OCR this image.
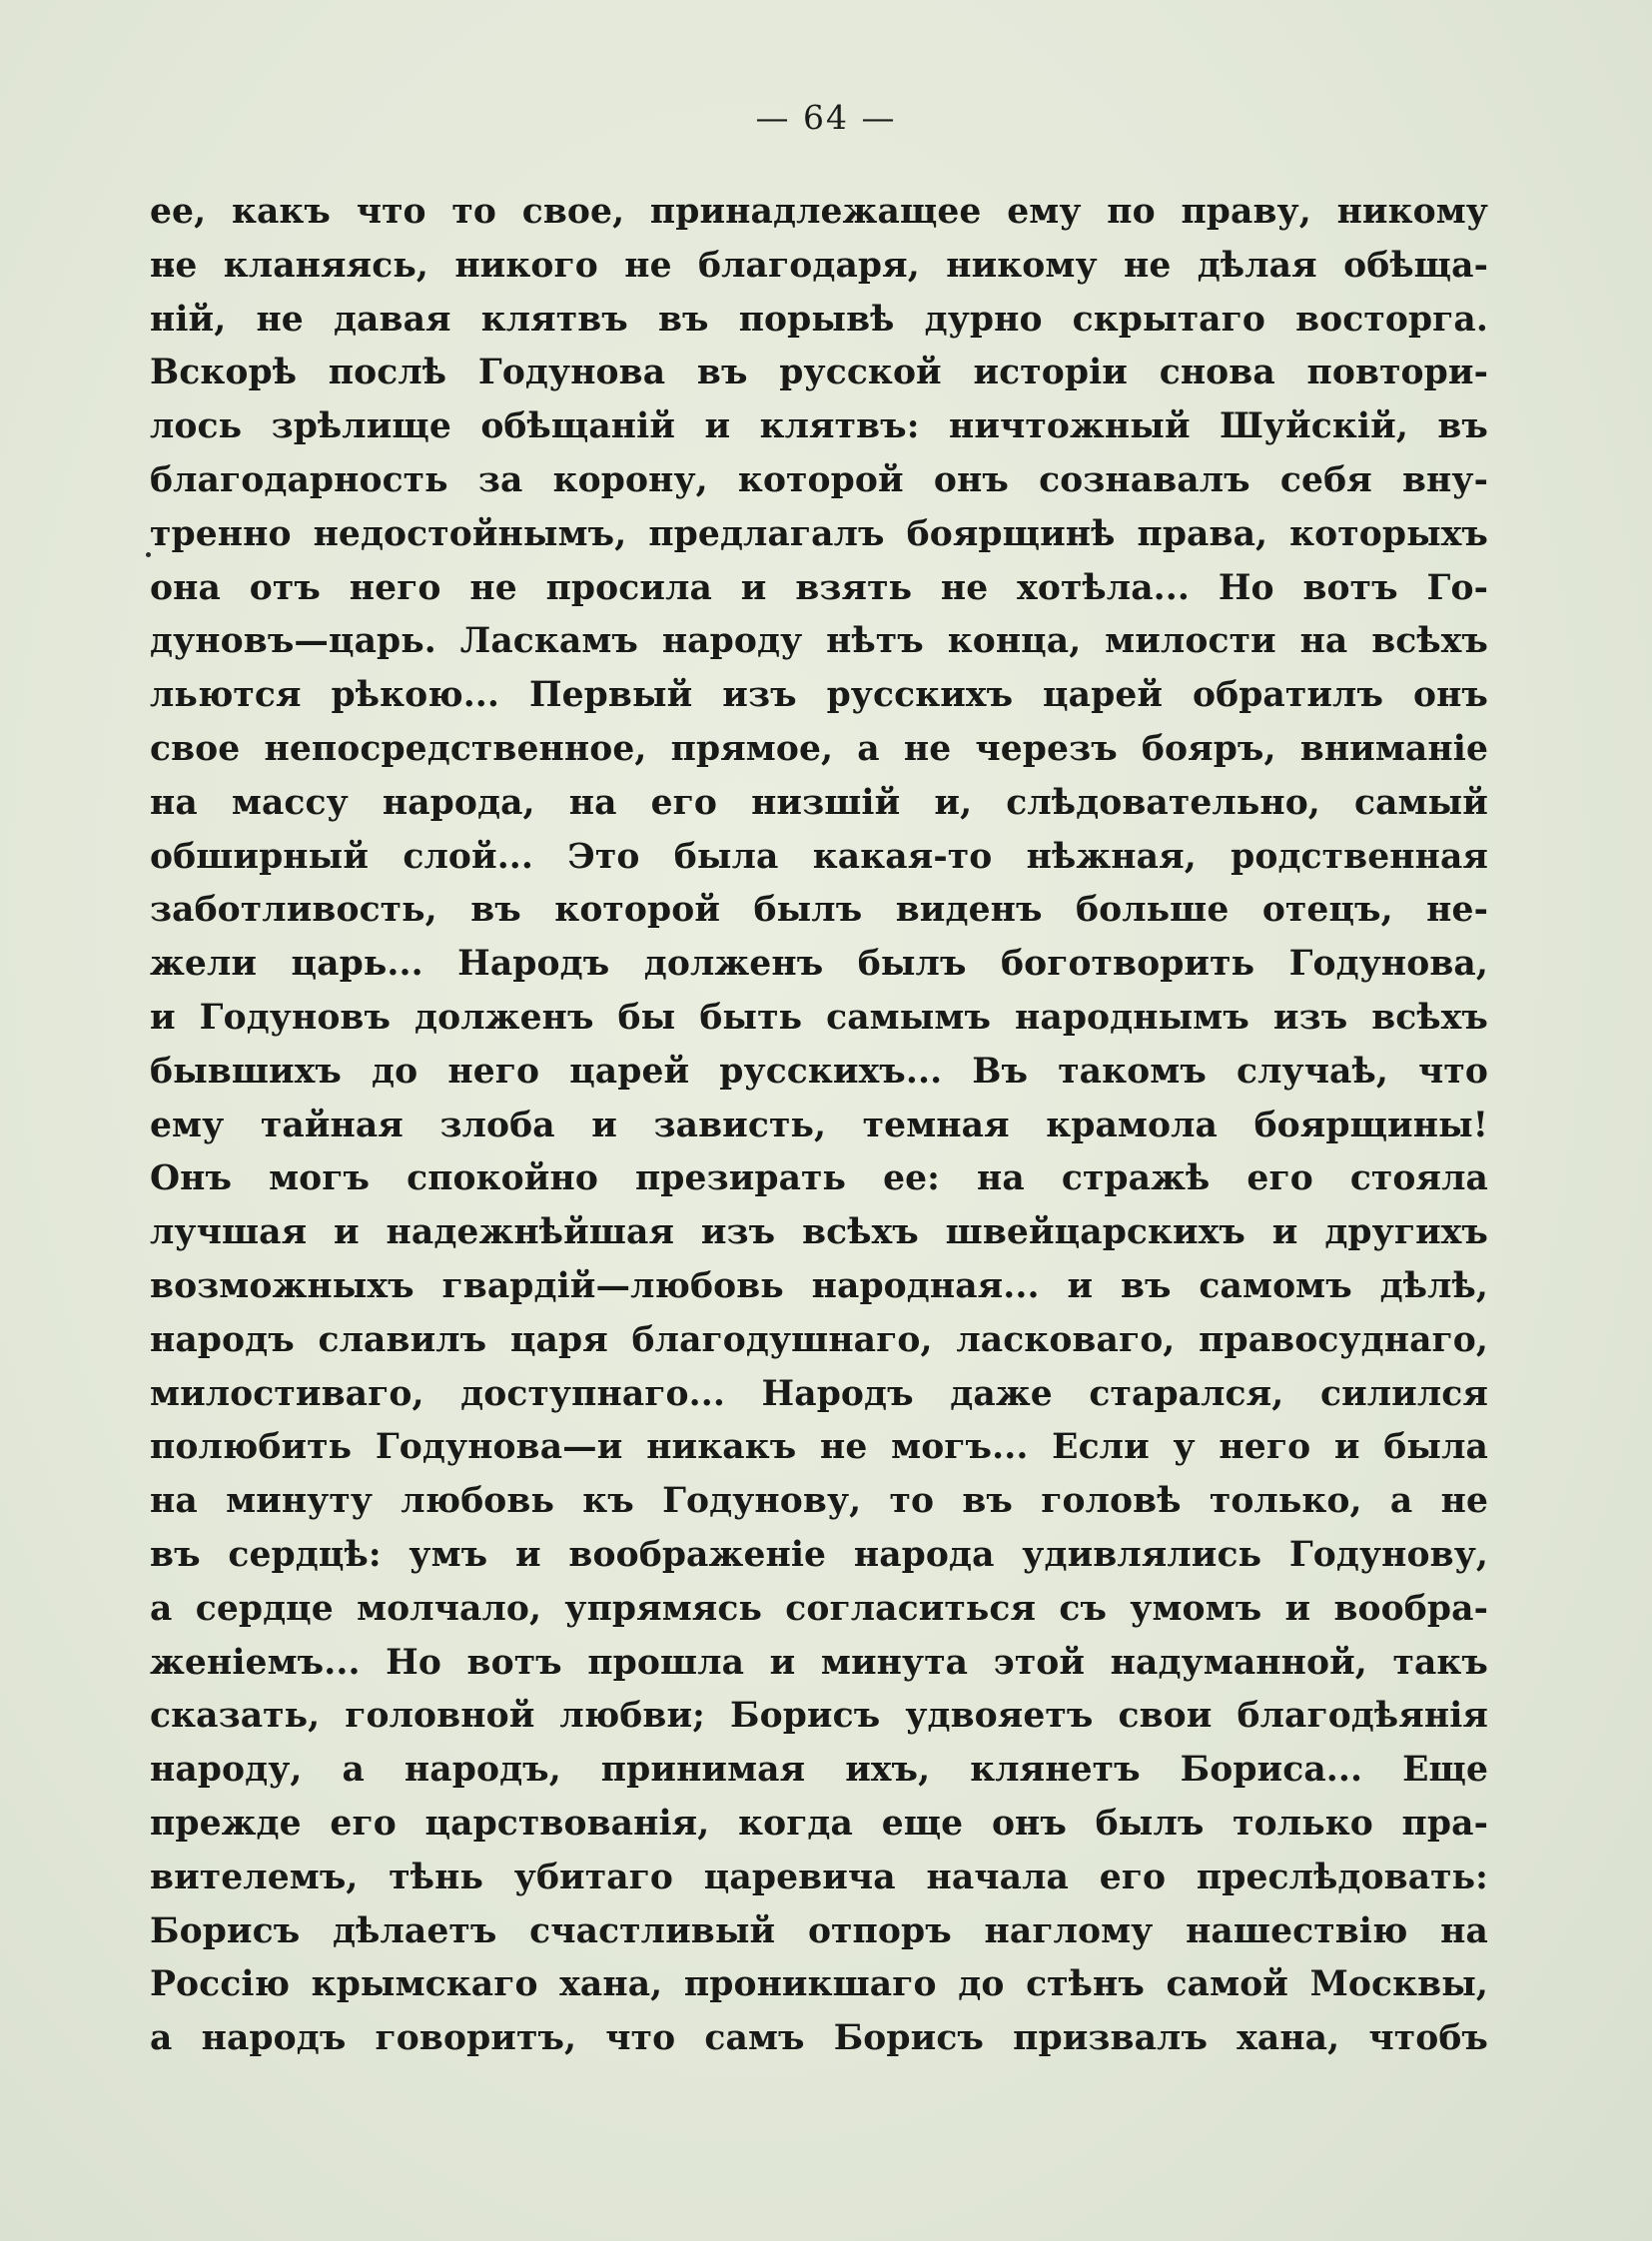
— 64 —
ее, какъ что то свое, принадлежащее ему по праву, никому
не кланяясь, никого не благодаря, никому не дѣлая обѣща-
ній, не давая клятвъ въ порывѣ дурно скрытаго восторга.
Вскорѣ послѣ Годунова въ русской исторіи снова повтори-
лось зрѣлище обѣщаній и клятвъ: ничтожный Шуйскій, въ
благодарность за корону, которой онъ сознавалъ себя вну-
тренно недостойнымъ, предлагалъ боярщинѣ права, которыхъ
она отъ него не просила и взять не хотѣла... Но вотъ Го-
дуновъ—царь. Ласкамъ народу нѣтъ конца, милости на всѣхъ
льются рѣкою... Первый изъ русскихъ царей обратилъ онъ
свое непосредственное, прямое, а не черезъ бояръ, вниманіе
на массу народа, на его низшій и, слѣдовательно, самый
обширный слой... Это была какая-то нѣжная, родственная
заботливость, въ которой былъ виденъ больше отецъ, не-
жели царь... Народъ долженъ былъ боготворить Годунова,
и Годуновъ долженъ бы быть самымъ народнымъ изъ всѣхъ
бывшихъ до него царей русскихъ... Въ такомъ случаѣ, что
ему тайная злоба и зависть, темная крамола боярщины!
Онъ могъ спокойно презирать ее: на стражѣ его стояла
лучшая и надежнѣйшая изъ всѣхъ швейцарскихъ и другихъ
возможныхъ гвардій—любовь народная... и въ самомъ дѣлѣ,
народъ славилъ царя благодушнаго, ласковаго, правосуднаго,
милостиваго, доступнаго... Народъ даже старался, силился
полюбить Годунова—и никакъ не могъ... Если у него и была
на минуту любовь къ Годунову, то въ головѣ только, а не
въ сердцѣ: умъ и воображеніе народа удивлялись Годунову,
а сердце молчало, упрямясь согласиться съ умомъ и вообра-
женіемъ... Но вотъ прошла и минута этой надуманной, такъ
сказать, головной любви; Борисъ удвояетъ свои благодѣянія
народу, а народъ, принимая ихъ, клянетъ Бориса... Еще
прежде его царствованія, когда еще онъ былъ только пра-
вителемъ, тѣнь убитаго царевича начала его преслѣдовать:
Борисъ дѣлаетъ счастливый отпоръ наглому нашествію на
Россію крымскаго хана, проникшаго до стѣнъ самой Москвы,
а народъ говоритъ, что самъ Борисъ призвалъ хана, чтобъ
